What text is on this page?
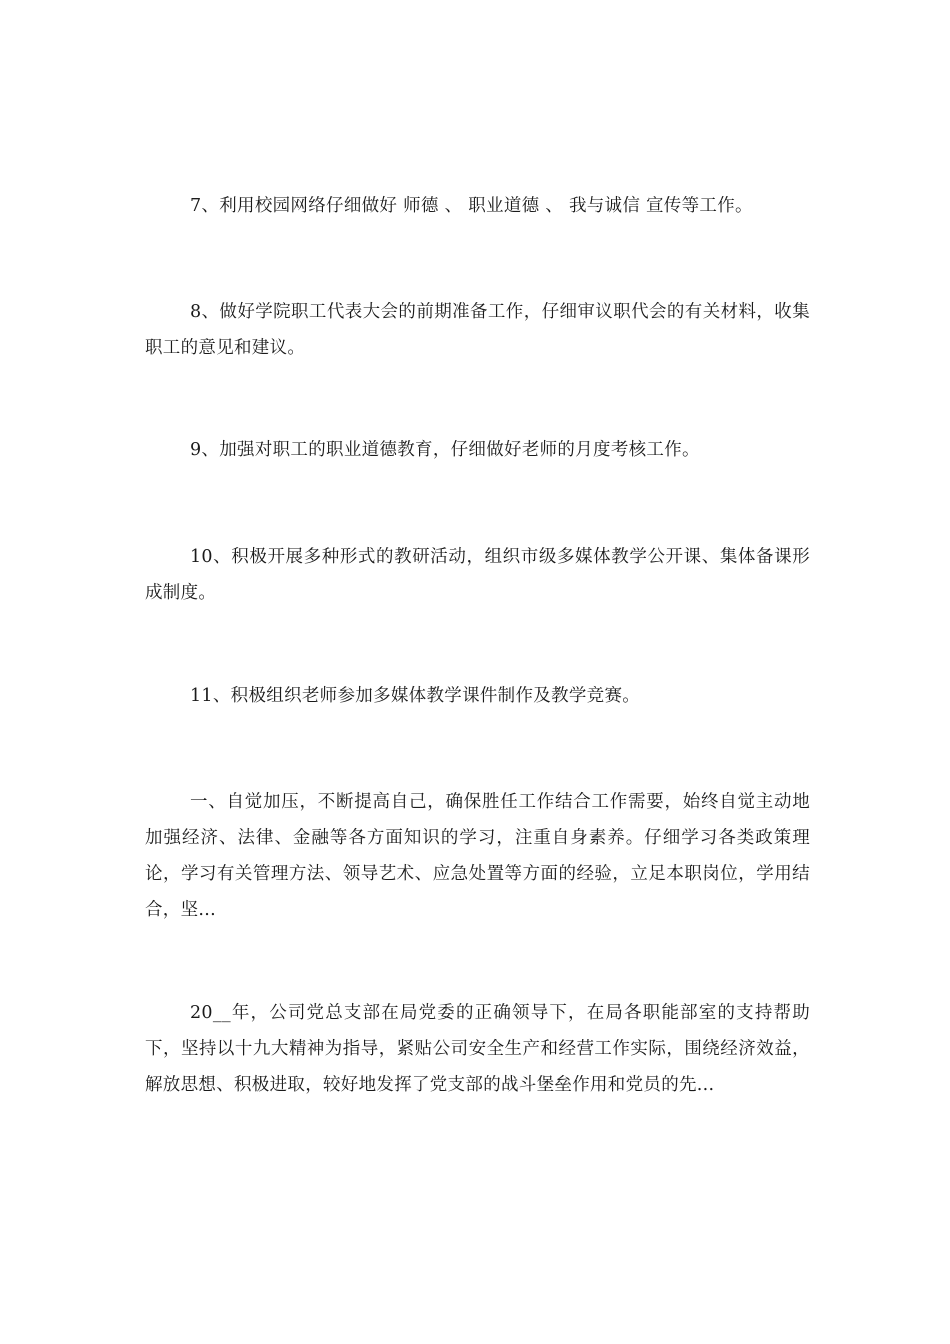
7、利用校园网络仔细做好 师德 、 职业道德 、 我与诚信 宣传等工作。

8、做好学院职工代表大会的前期准备工作，仔细审议职代会的有关材料，收集职工的意见和建议。

9、加强对职工的职业道德教育，仔细做好老师的月度考核工作。

10、积极开展多种形式的教研活动，组织市级多媒体教学公开课、集体备课形成制度。

11、积极组织老师参加多媒体教学课件制作及教学竞赛。

一、自觉加压，不断提高自己，确保胜任工作结合工作需要，始终自觉主动地加强经济、法律、金融等各方面知识的学习，注重自身素养。仔细学习各类政策理论，学习有关管理方法、领导艺术、应急处置等方面的经验，立足本职岗位，学用结合，坚...

20__年，公司党总支部在局党委的正确领导下，在局各职能部室的支持帮助下，坚持以十九大精神为指导，紧贴公司安全生产和经营工作实际，围绕经济效益，解放思想、积极进取，较好地发挥了党支部的战斗堡垒作用和党员的先...
